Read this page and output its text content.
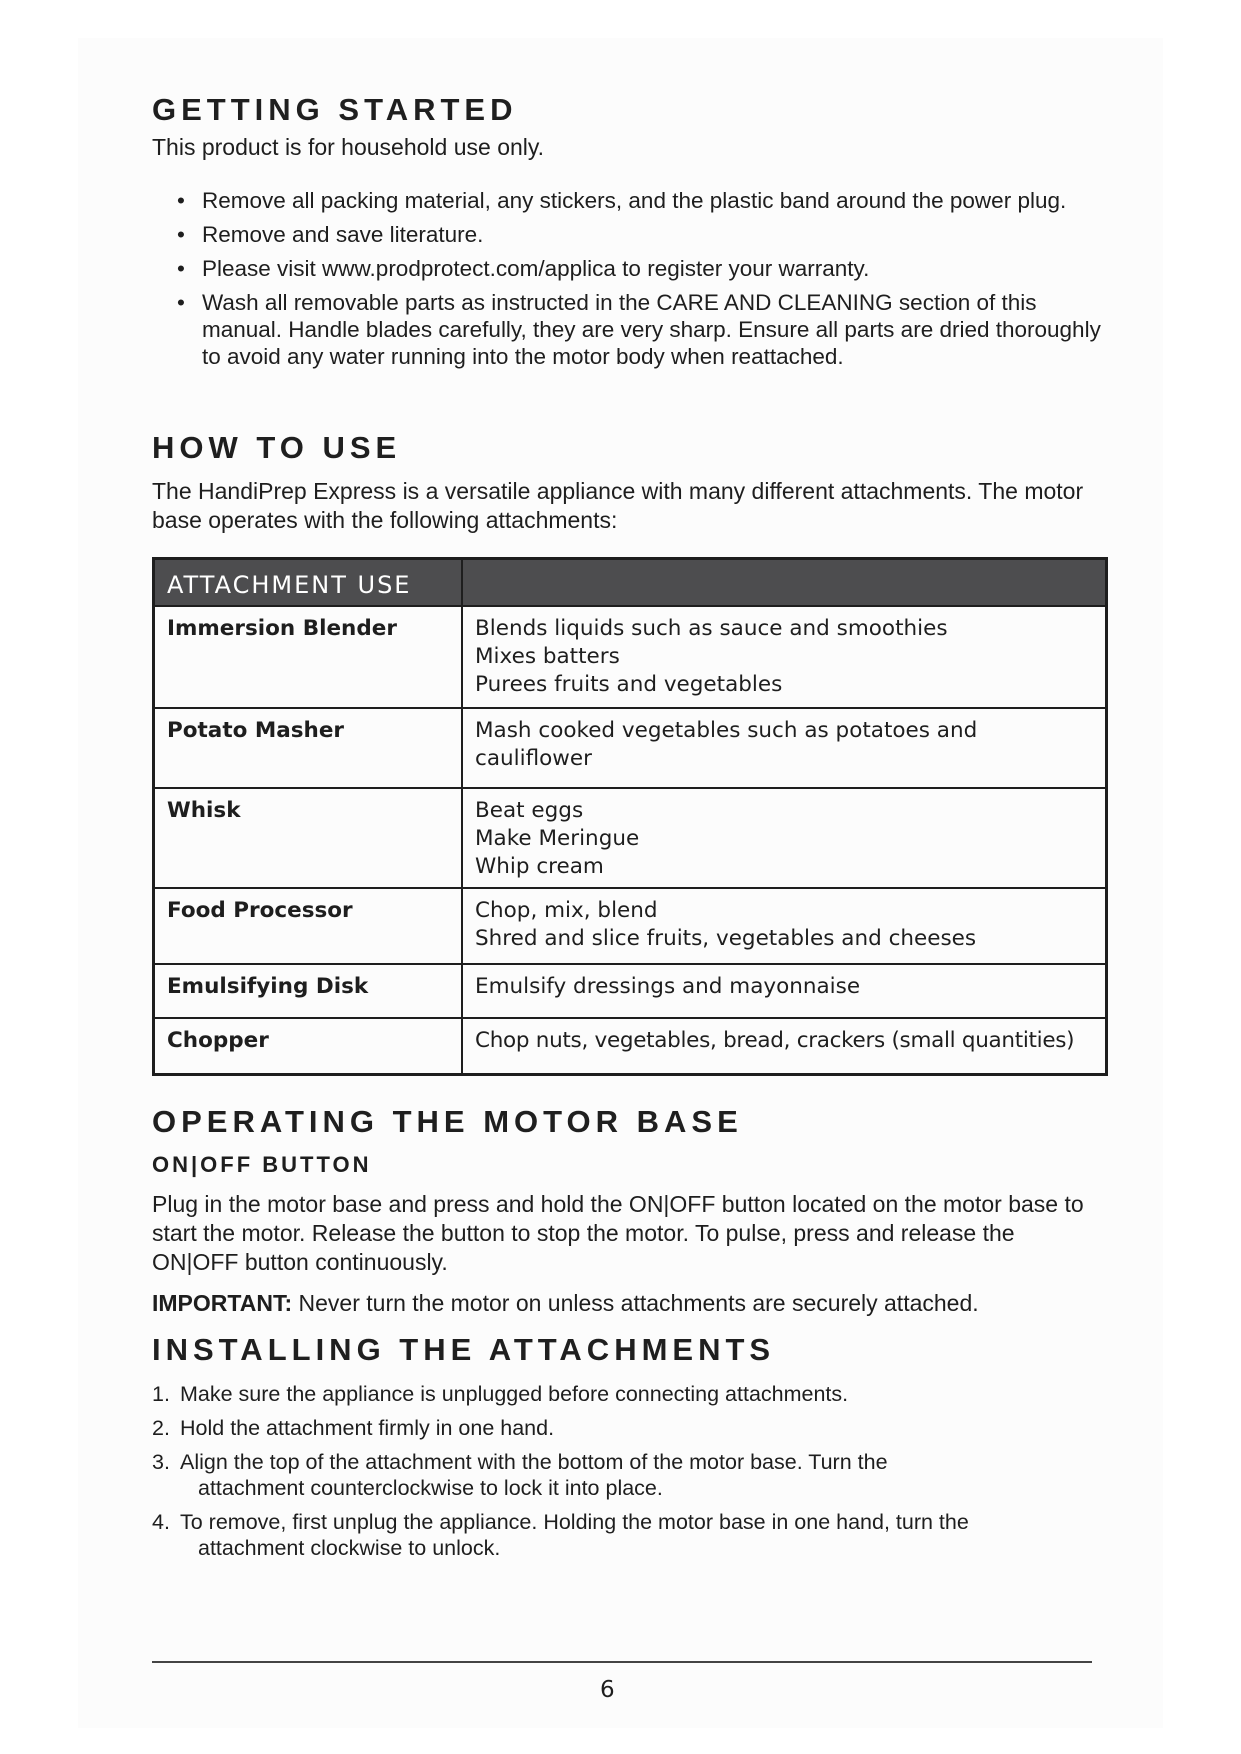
GETTING STARTED

This product is for household use only.

• Remove all packing material, any stickers, and the plastic band around the power plug.
• Remove and save literature.
• Please visit www.prodprotect.com/applica to register your warranty.
• Wash all removable parts as instructed in the CARE AND CLEANING section of this manual. Handle blades carefully, they are very sharp. Ensure all parts are dried thoroughly to avoid any water running into the motor body when reattached.
HOW TO USE

The HandiPrep Express is a versatile appliance with many different attachments. The motor base operates with the following attachments:

ATTACHMENT USE	
Immersion Blender	Blends liquids such as sauce and smoothies
Mixes batters
Purees fruits and vegetables

Potato Masher	Mash cooked vegetables such as potatoes and
cauliflower

Whisk	Beat eggs
Make Meringue
Whip cream

Food Processor	Chop, mix, blend
Shred and slice fruits, vegetables and cheeses

Emulsifying Disk	Emulsify dressings and mayonnaise

Chopper	Chop nuts, vegetables, bread, crackers (small quantities)
OPERATING THE MOTOR BASE
ON|OFF BUTTON

Plug in the motor base and press and hold the ON|OFF button located on the motor base to start the motor. Release the button to stop the motor. To pulse, press and release the ON|OFF button continuously.

IMPORTANT: Never turn the motor on unless attachments are securely attached.

INSTALLING THE ATTACHMENTS
1. Make sure the appliance is unplugged before connecting attachments.
2. Hold the attachment firmly in one hand.
3. Align the top of the attachment with the bottom of the motor base. Turn the
attachment counterclockwise to lock it into place.
4. To remove, first unplug the appliance. Holding the motor base in one hand, turn the
attachment clockwise to unlock.
6
